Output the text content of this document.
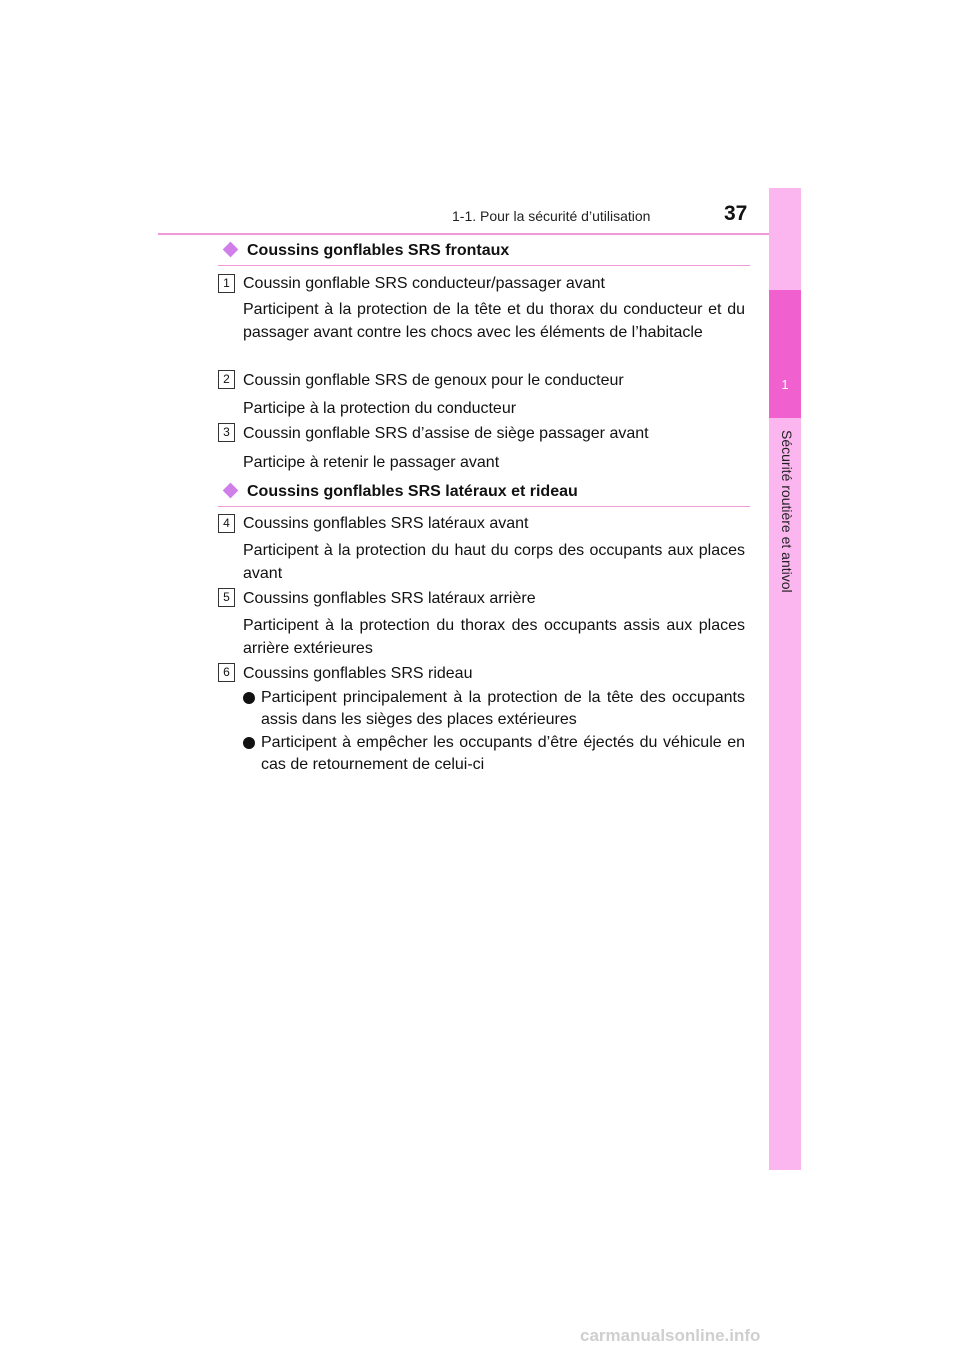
1-1. Pour la sécurité d’utilisation	37
1
Sécurité routière et antivol
Coussins gonflables SRS frontaux
1 Coussin gonflable SRS conducteur/passager avant
Participent à la protection de la tête et du thorax du conducteur et du passager avant contre les chocs avec les éléments de l’habitacle
2 Coussin gonflable SRS de genoux pour le conducteur
Participe à la protection du conducteur
3 Coussin gonflable SRS d’assise de siège passager avant
Participe à retenir le passager avant
Coussins gonflables SRS latéraux et rideau
4 Coussins gonflables SRS latéraux avant
Participent à la protection du haut du corps des occupants aux places avant
5 Coussins gonflables SRS latéraux arrière
Participent à la protection du thorax des occupants assis aux places arrière extérieures
6 Coussins gonflables SRS rideau
Participent principalement à la protection de la tête des occupants assis dans les sièges des places extérieures
Participent à empêcher les occupants d’être éjectés du véhicule en cas de retournement de celui-ci
carmanualsonline.info
